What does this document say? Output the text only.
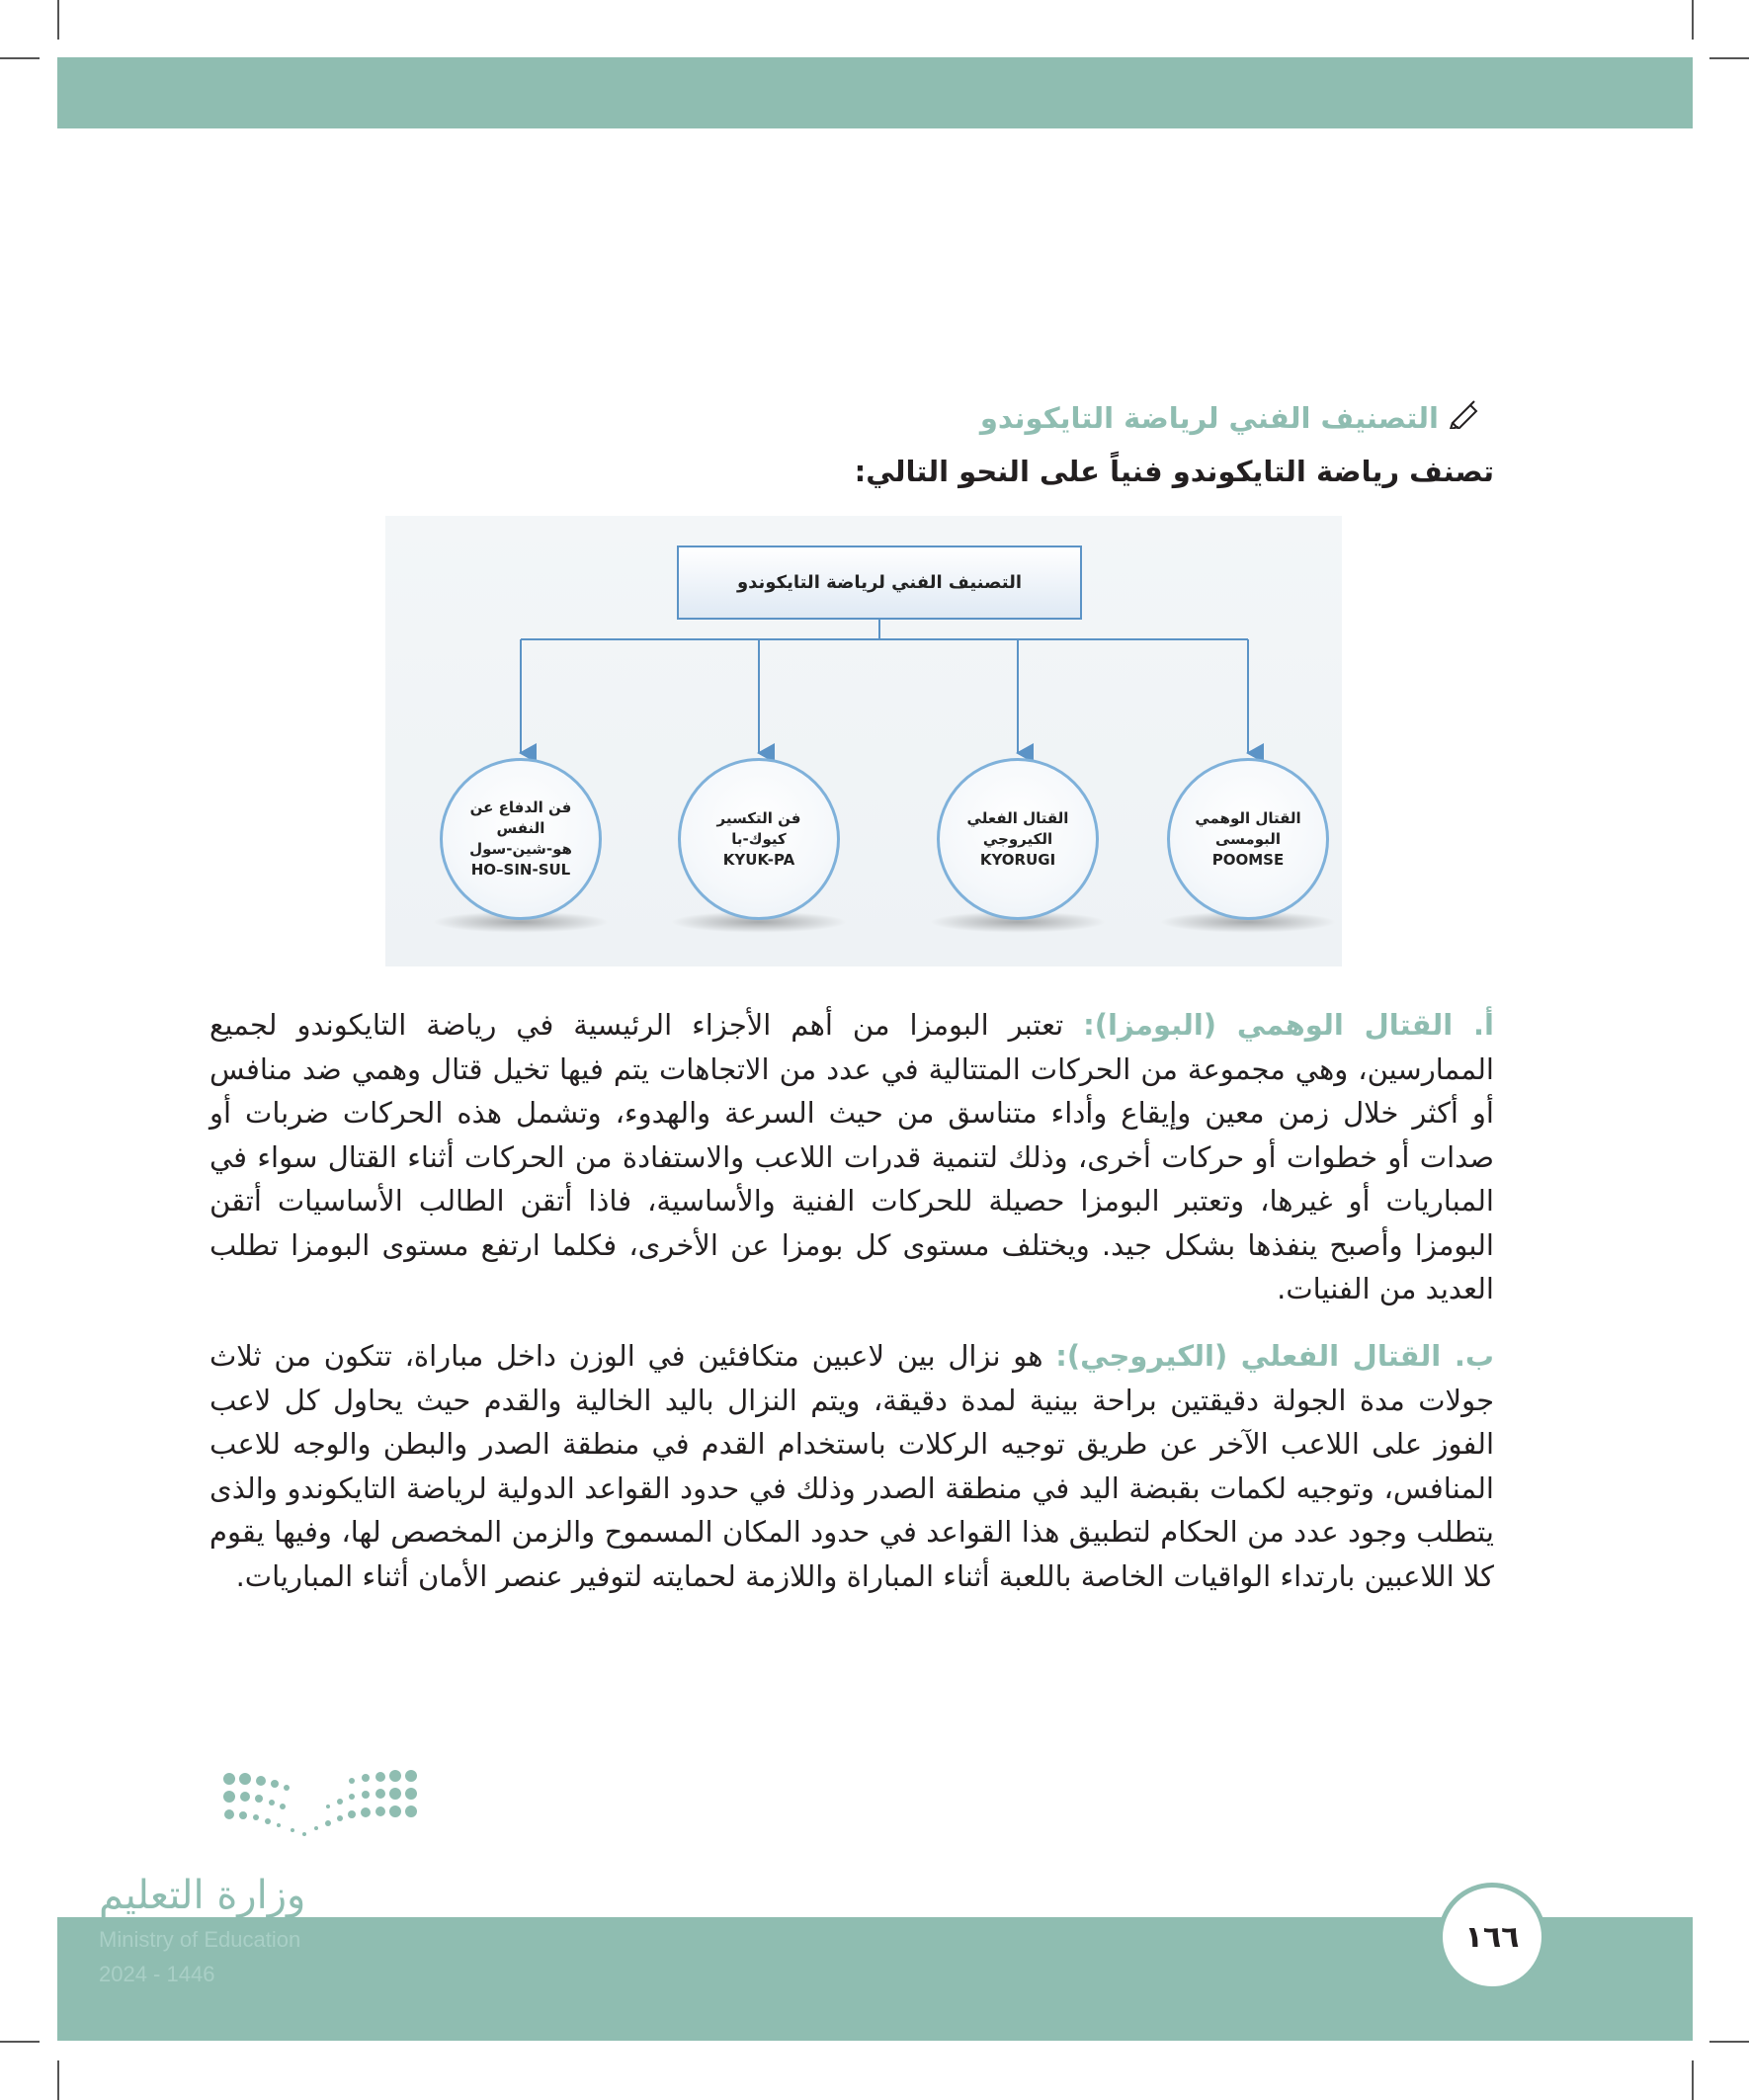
التصنيف الفني لرياضة التايكوندو
تصنف رياضة التايكوندو فنياً على النحو التالي:
التصنيف الفني لرياضة التايكوندو
القتال الوهمي
البومسى
POOMSE
القتال الفعلي
الكيروجي
KYORUGI
فن التكسير
كيوك-با
KYUK-PA
فن الدفاع عن
النفس
هو-شين-سول
HO–SIN-SUL
أ. القتال الوهمي (البومزا): تعتبر البومزا من أهم الأجزاء الرئيسية في رياضة التايكوندو لجميع الممارسين، وهي مجموعة من الحركات المتتالية في عدد من الاتجاهات يتم فيها تخيل قتال وهمي ضد منافس أو أكثر خلال زمن معين وإيقاع وأداء متناسق من حيث السرعة والهدوء، وتشمل هذه الحركات ضربات أو صدات أو خطوات أو حركات أخرى، وذلك لتنمية قدرات اللاعب والاستفادة من الحركات أثناء القتال سواء في المباريات أو غيرها، وتعتبر البومزا حصيلة للحركات الفنية والأساسية، فاذا أتقن الطالب الأساسيات أتقن البومزا وأصبح ينفذها بشكل جيد. ويختلف مستوى كل بومزا عن الأخرى، فكلما ارتفع مستوى البومزا تطلب العديد من الفنيات.
ب. القتال الفعلي (الكيروجي): هو نزال بين لاعبين متكافئين في الوزن داخل مباراة، تتكون من ثلاث جولات مدة الجولة دقيقتين براحة بينية لمدة دقيقة، ويتم النزال باليد الخالية والقدم حيث يحاول كل لاعب الفوز على اللاعب الآخر عن طريق توجيه الركلات باستخدام القدم في منطقة الصدر والبطن والوجه للاعب المنافس، وتوجيه لكمات بقبضة اليد في منطقة الصدر وذلك في حدود القواعد الدولية لرياضة التايكوندو والذى يتطلب وجود عدد من الحكام لتطبيق هذا القواعد في حدود المكان المسموح والزمن المخصص لها، وفيها يقوم كلا اللاعبين بارتداء الواقيات الخاصة باللعبة أثناء المباراة واللازمة لحمايته لتوفير عنصر الأمان أثناء المباريات.
وزارة التعليم
Ministry of Education
2024 - 1446
١٦٦
